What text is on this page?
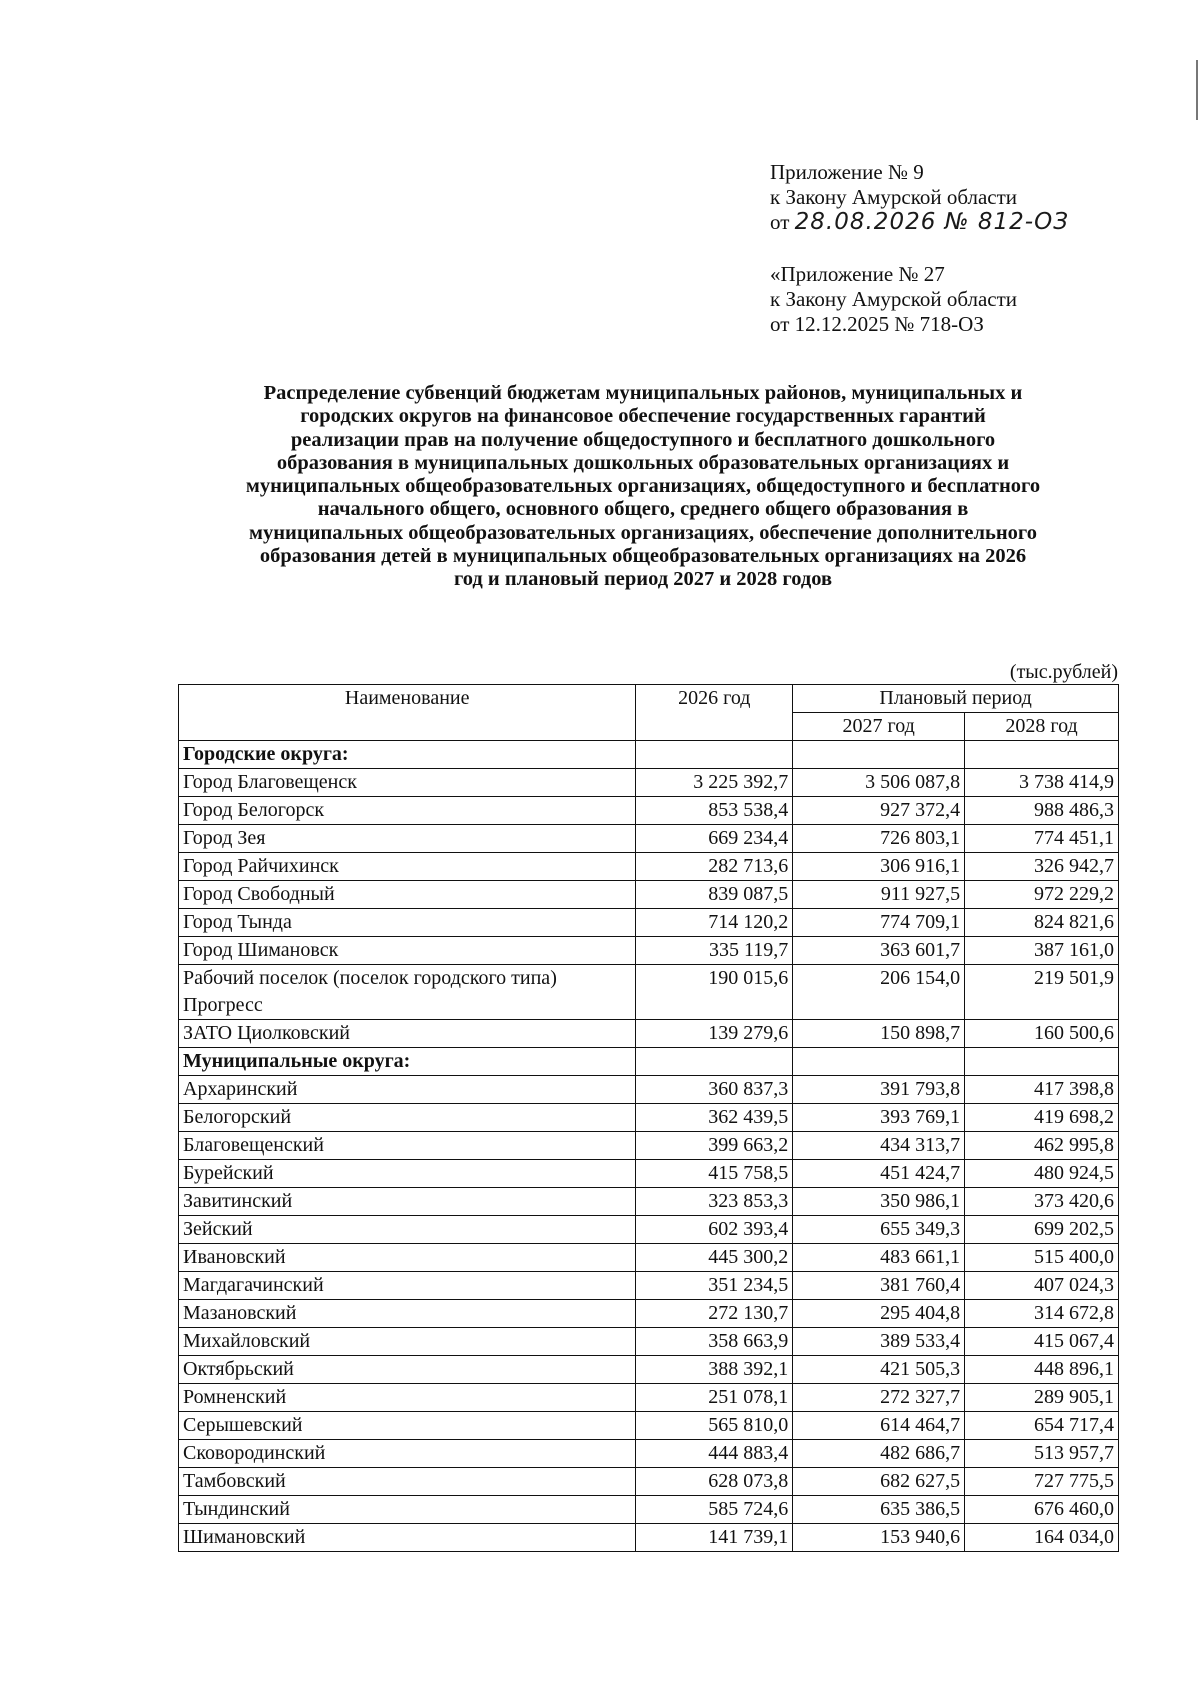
Приложение № 9
к Закону Амурской области
от 28.08.2026 № 812-ОЗ
«Приложение № 27
к Закону Амурской области
от 12.12.2025 № 718-ОЗ
Распределение субвенций бюджетам муниципальных районов, муниципальных и
городских округов на финансовое обеспечение государственных гарантий
реализации прав на получение общедоступного и бесплатного дошкольного
образования в муниципальных дошкольных образовательных организациях и
муниципальных общеобразовательных организациях, общедоступного и бесплатного
начального общего, основного общего, среднего общего образования в
муниципальных общеобразовательных организациях, обеспечение дополнительного
образования детей в муниципальных общеобразовательных организациях на 2026
год и плановый период 2027 и 2028 годов
(тыс.рублей)
Наименование	2026 год	Плановый период	
		2027 год	2028 год
Городские округа:			
Город Благовещенск	3 225 392,7	3 506 087,8	3 738 414,9
Город Белогорск	853 538,4	927 372,4	988 486,3
Город Зея	669 234,4	726 803,1	774 451,1
Город Райчихинск	282 713,6	306 916,1	326 942,7
Город Свободный	839 087,5	911 927,5	972 229,2
Город Тында	714 120,2	774 709,1	824 821,6
Город Шимановск	335 119,7	363 601,7	387 161,0
Рабочий поселок (поселок городского типа) Прогресс	190 015,6	206 154,0	219 501,9
ЗАТО Циолковский	139 279,6	150 898,7	160 500,6
Муниципальные округа:			
Архаринский	360 837,3	391 793,8	417 398,8
Белогорский	362 439,5	393 769,1	419 698,2
Благовещенский	399 663,2	434 313,7	462 995,8
Бурейский	415 758,5	451 424,7	480 924,5
Завитинский	323 853,3	350 986,1	373 420,6
Зейский	602 393,4	655 349,3	699 202,5
Ивановский	445 300,2	483 661,1	515 400,0
Магдагачинский	351 234,5	381 760,4	407 024,3
Мазановский	272 130,7	295 404,8	314 672,8
Михайловский	358 663,9	389 533,4	415 067,4
Октябрьский	388 392,1	421 505,3	448 896,1
Ромненский	251 078,1	272 327,7	289 905,1
Серышевский	565 810,0	614 464,7	654 717,4
Сковородинский	444 883,4	482 686,7	513 957,7
Тамбовский	628 073,8	682 627,5	727 775,5
Тындинский	585 724,6	635 386,5	676 460,0
Шимановский	141 739,1	153 940,6	164 034,0
